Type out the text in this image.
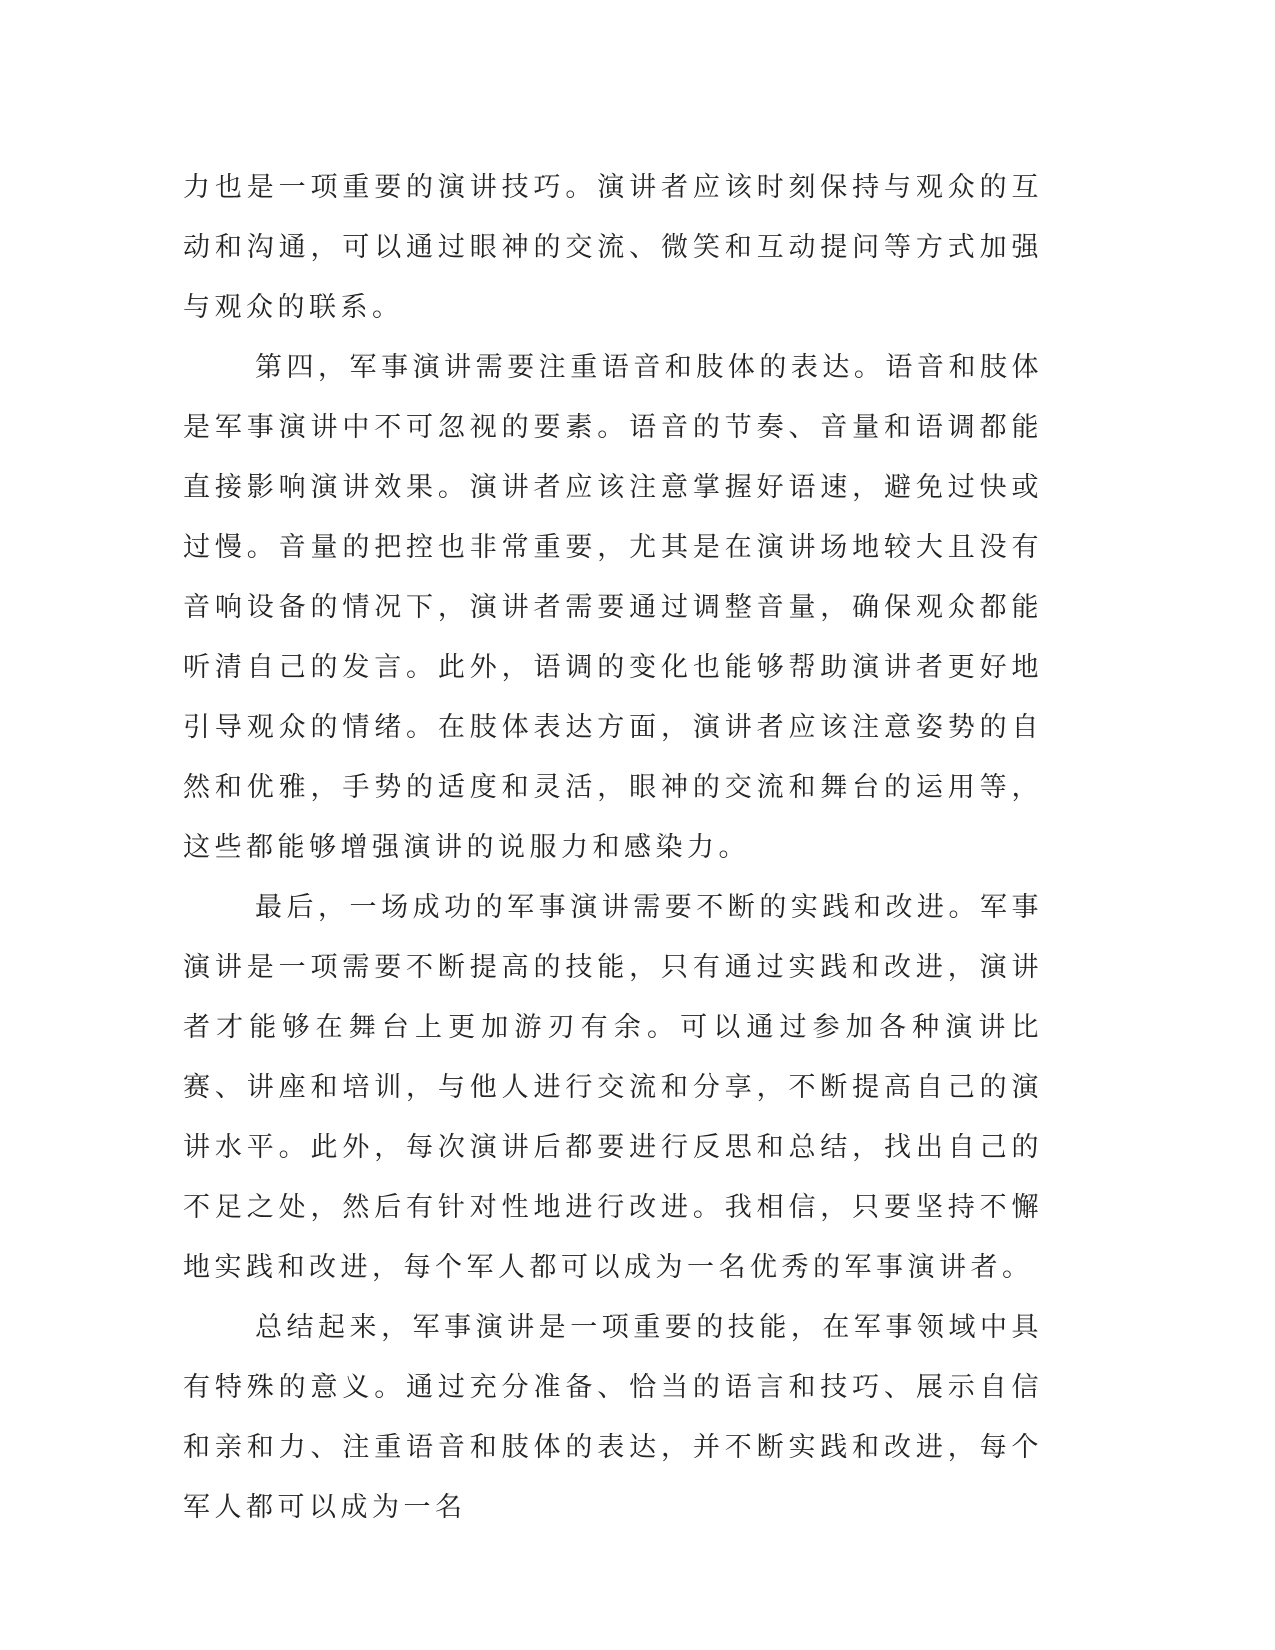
力也是一项重要的演讲技巧。演讲者应该时刻保持与观众的互动和沟通，可以通过眼神的交流、微笑和互动提问等方式加强与观众的联系。

第四，军事演讲需要注重语音和肢体的表达。语音和肢体是军事演讲中不可忽视的要素。语音的节奏、音量和语调都能直接影响演讲效果。演讲者应该注意掌握好语速，避免过快或过慢。音量的把控也非常重要，尤其是在演讲场地较大且没有音响设备的情况下，演讲者需要通过调整音量，确保观众都能听清自己的发言。此外，语调的变化也能够帮助演讲者更好地引导观众的情绪。在肢体表达方面，演讲者应该注意姿势的自然和优雅，手势的适度和灵活，眼神的交流和舞台的运用等，这些都能够增强演讲的说服力和感染力。

最后，一场成功的军事演讲需要不断的实践和改进。军事演讲是一项需要不断提高的技能，只有通过实践和改进，演讲者才能够在舞台上更加游刃有余。可以通过参加各种演讲比赛、讲座和培训，与他人进行交流和分享，不断提高自己的演讲水平。此外，每次演讲后都要进行反思和总结，找出自己的不足之处，然后有针对性地进行改进。我相信，只要坚持不懈地实践和改进，每个军人都可以成为一名优秀的军事演讲者。

总结起来，军事演讲是一项重要的技能，在军事领域中具有特殊的意义。通过充分准备、恰当的语言和技巧、展示自信和亲和力、注重语音和肢体的表达，并不断实践和改进，每个军人都可以成为一名
